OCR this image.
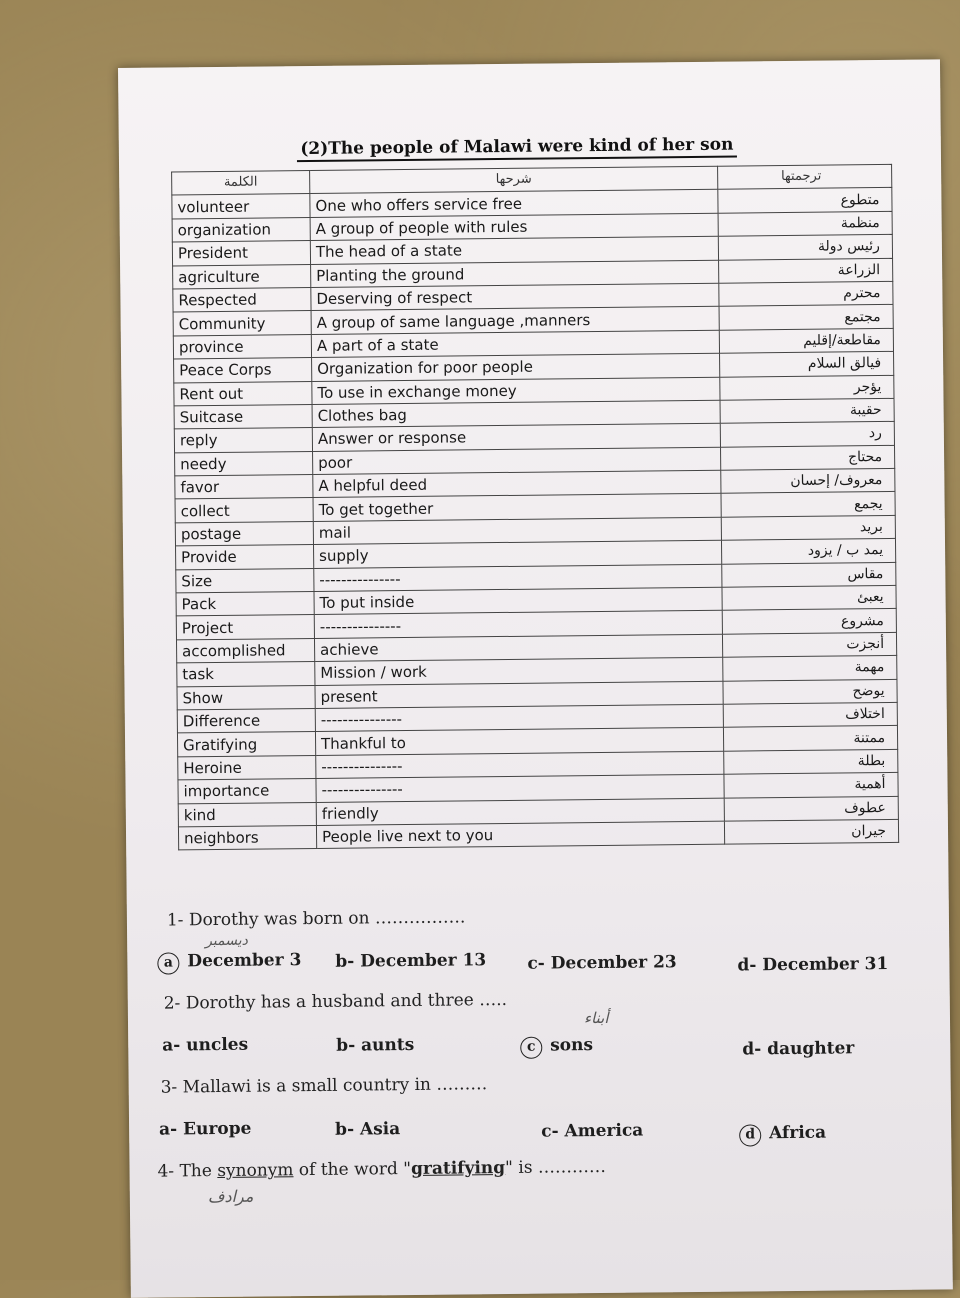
(2)The people of Malawi were kind of her son
الكلمة	شرحها	ترجمتها
volunteer	One who offers service free	متطوع
organization	A group of people with rules	منظمة
President	The head of a state	رئيس دولة
agriculture	Planting the ground	الزراعة
Respected	Deserving of respect	محترم
Community	A group of same language ,manners	مجتمع
province	A part of a state	مقاطعة/إقليم
Peace Corps	Organization for poor people	فيالق السلام
Rent out	To use in exchange money	يؤجر
Suitcase	Clothes bag	حقيبة
reply	Answer or response	رد
needy	poor	محتاج
favor	A helpful deed	معروف/ إحسان
collect	To get together	يجمع
postage	mail	بريد
Provide	supply	يمد ب / يزود
Size	---------------	مقاس
Pack	To put inside	يعبئ
Project	---------------	مشروع
accomplished	achieve	أنجزت
task	Mission / work	مهمة
Show	present	يوضح
Difference	---------------	اختلاف
Gratifying	Thankful to	ممتنة
Heroine	---------------	بطلة
importance	---------------	أهمية
kind	friendly	عطوف
neighbors	People live next to you	جيران
1- Dorothy was born on …………….
ديسمبر
a December 3 b- December 13 c- December 23	d- December 31
2- Dorothy has a husband and three …..
أبناء
a- uncles	b- aunts	c sons	d- daughter
3- Mallawi is a small country in ………
a- Europe	b- Asia	c- America	d Africa
4- The synonym of the word "gratifying" is …………
مرادف
